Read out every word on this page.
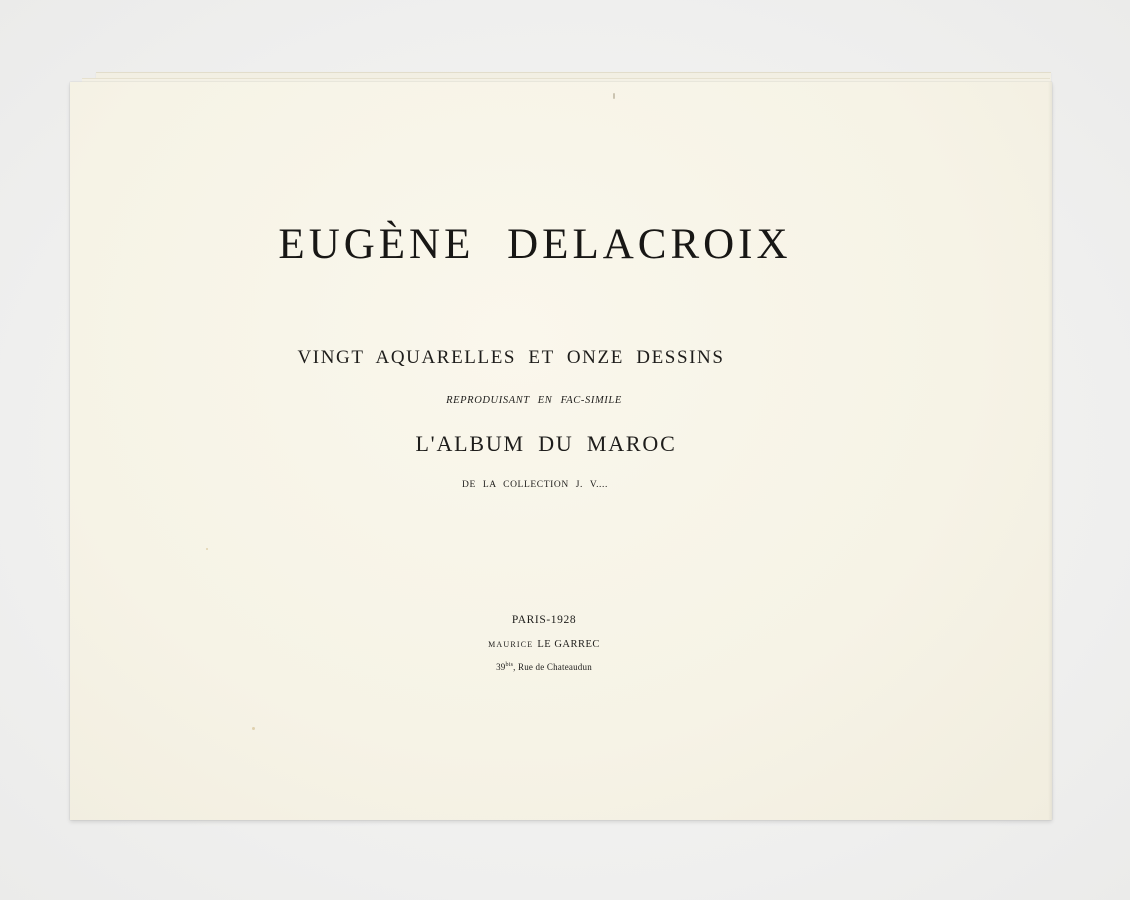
EUGÈNE DELACROIX
VINGT AQUARELLES ET ONZE DESSINS
REPRODUISANT EN FAC-SIMILE
L'ALBUM DU MAROC
DE LA COLLECTION J. V....
PARIS-1928
MAURICE LE GARREC
$39^{bis}$, Rue de Chateaudun
